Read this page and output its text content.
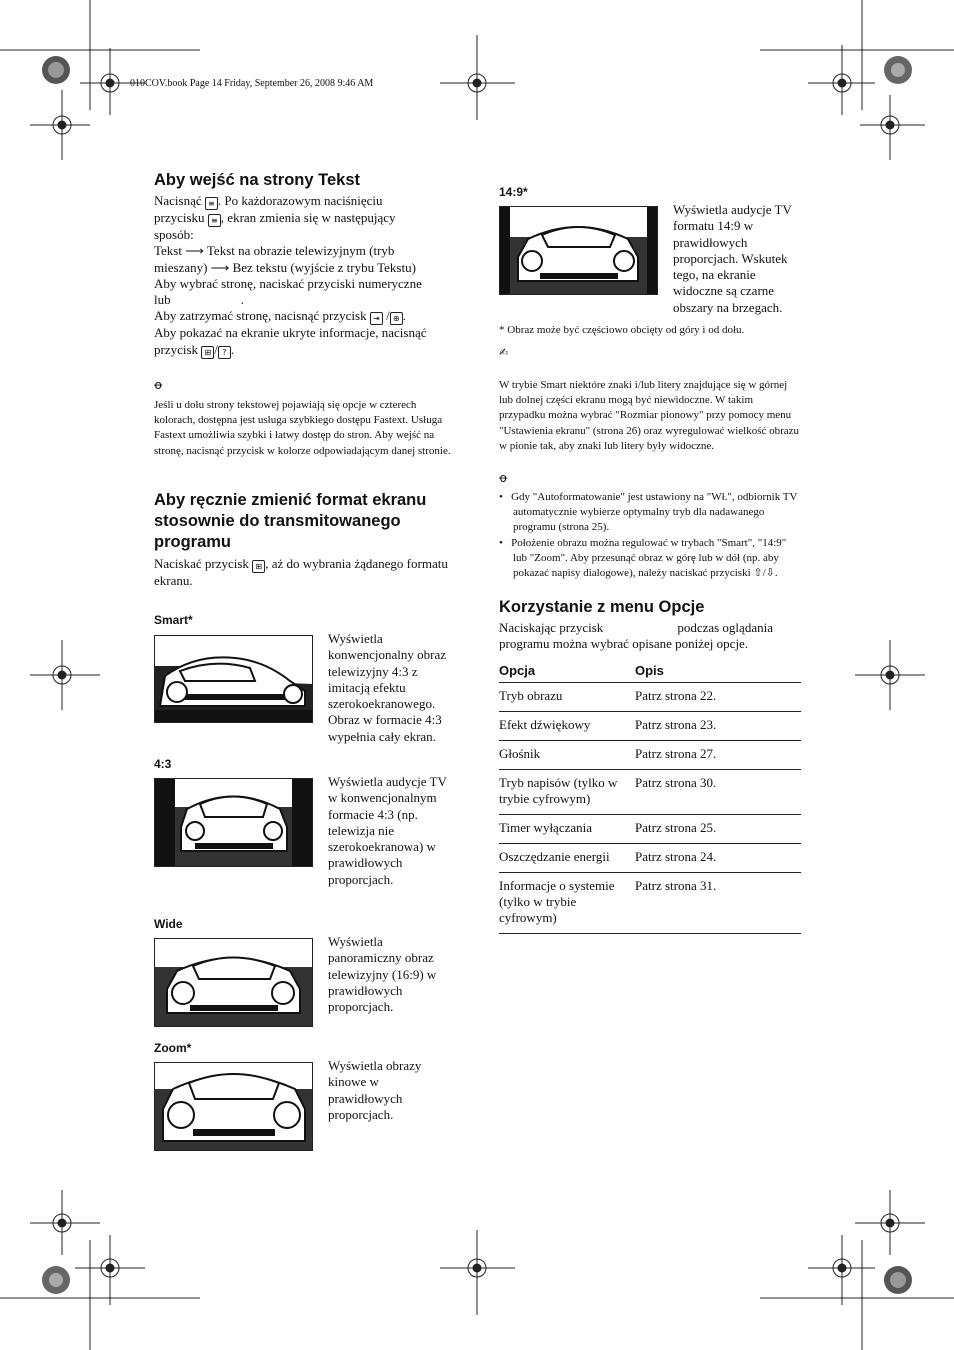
010COV.book Page 14 Friday, September 26, 2008 9:46 AM
Aby wejść na strony Tekst
Nacisnąć ≡ . Po każdorazowym naciśnięciu
przycisku ≡ , ekran zmienia się w następujący
sposób:
Tekst ⟶ Tekst na obrazie telewizyjnym (tryb
mieszany) ⟶ Bez tekstu (wyjście z trybu Tekstu)
Aby wybrać stronę, naciskać przyciski numeryczne
lub	.
Aby zatrzymać stronę, nacisnąć przycisk ⇥ / ⊕ .
Aby pokazać na ekranie ukryte informacje, nacisnąć
przycisk ⊞ / ? .
ꝋ
Jeśli u dołu strony tekstowej pojawiają się opcje w czterech kolorach, dostępna jest usługa szybkiego dostępu Fastext. Usługa Fastext umożliwia szybki i łatwy dostęp do stron. Aby wejść na stronę, nacisnąć przycisk w kolorze odpowiadającym danej stronie.
Aby ręcznie zmienić format ekranu stosownie do transmitowanego programu
Naciskać przycisk ⊞ , aż do wybrania żądanego formatu ekranu.
Smart*
Wyświetla konwencjonalny obraz telewizyjny 4:3 z imitacją efektu szerokoekranowego. Obraz w formacie 4:3 wypełnia cały ekran.
4:3
Wyświetla audycje TV w konwencjonalnym formacie 4:3 (np. telewizja nie szerokoekranowa) w prawidłowych proporcjach.
Wide
Wyświetla panoramiczny obraz telewizyjny (16:9) w prawidłowych proporcjach.
Zoom*
Wyświetla obrazy kinowe w prawidłowych proporcjach.
14:9*
Wyświetla audycje TV formatu 14:9 w prawidłowych proporcjach. Wskutek tego, na ekranie widoczne są czarne obszary na brzegach.
* Obraz może być częściowo obcięty od góry i od dołu.
✍
W trybie Smart niektóre znaki i/lub litery znajdujące się w górnej lub dolnej części ekranu mogą być niewidoczne. W takim przypadku można wybrać "Rozmiar pionowy" przy pomocy menu "Ustawienia ekranu" (strona 26) oraz wyregulować wielkość obrazu w pionie tak, aby znaki lub litery były widoczne.
ꝋ
•   Gdy "Autoformatowanie" jest ustawiony na "Wł.", odbiornik TV automatycznie wybierze optymalny tryb dla nadawanego programu (strona 25).
•   Położenie obrazu można regulować w trybach "Smart", "14:9" lub "Zoom". Aby przesunąć obraz w górę lub w dół (np. aby pokazać napisy dialogowe), należy naciskać przyciski ⇧/⇩.
Korzystanie z menu Opcje
Naciskając przycisk	podczas oglądania
programu można wybrać opisane poniżej opcje.
Opcja	Opis
Tryb obrazu	Patrz strona 22.
Efekt dźwiękowy	Patrz strona 23.
Głośnik	Patrz strona 27.
Tryb napisów (tylko w trybie cyfrowym)	Patrz strona 30.
Timer wyłączania	Patrz strona 25.
Oszczędzanie energii	Patrz strona 24.
Informacje o systemie (tylko w trybie cyfrowym)	Patrz strona 31.
